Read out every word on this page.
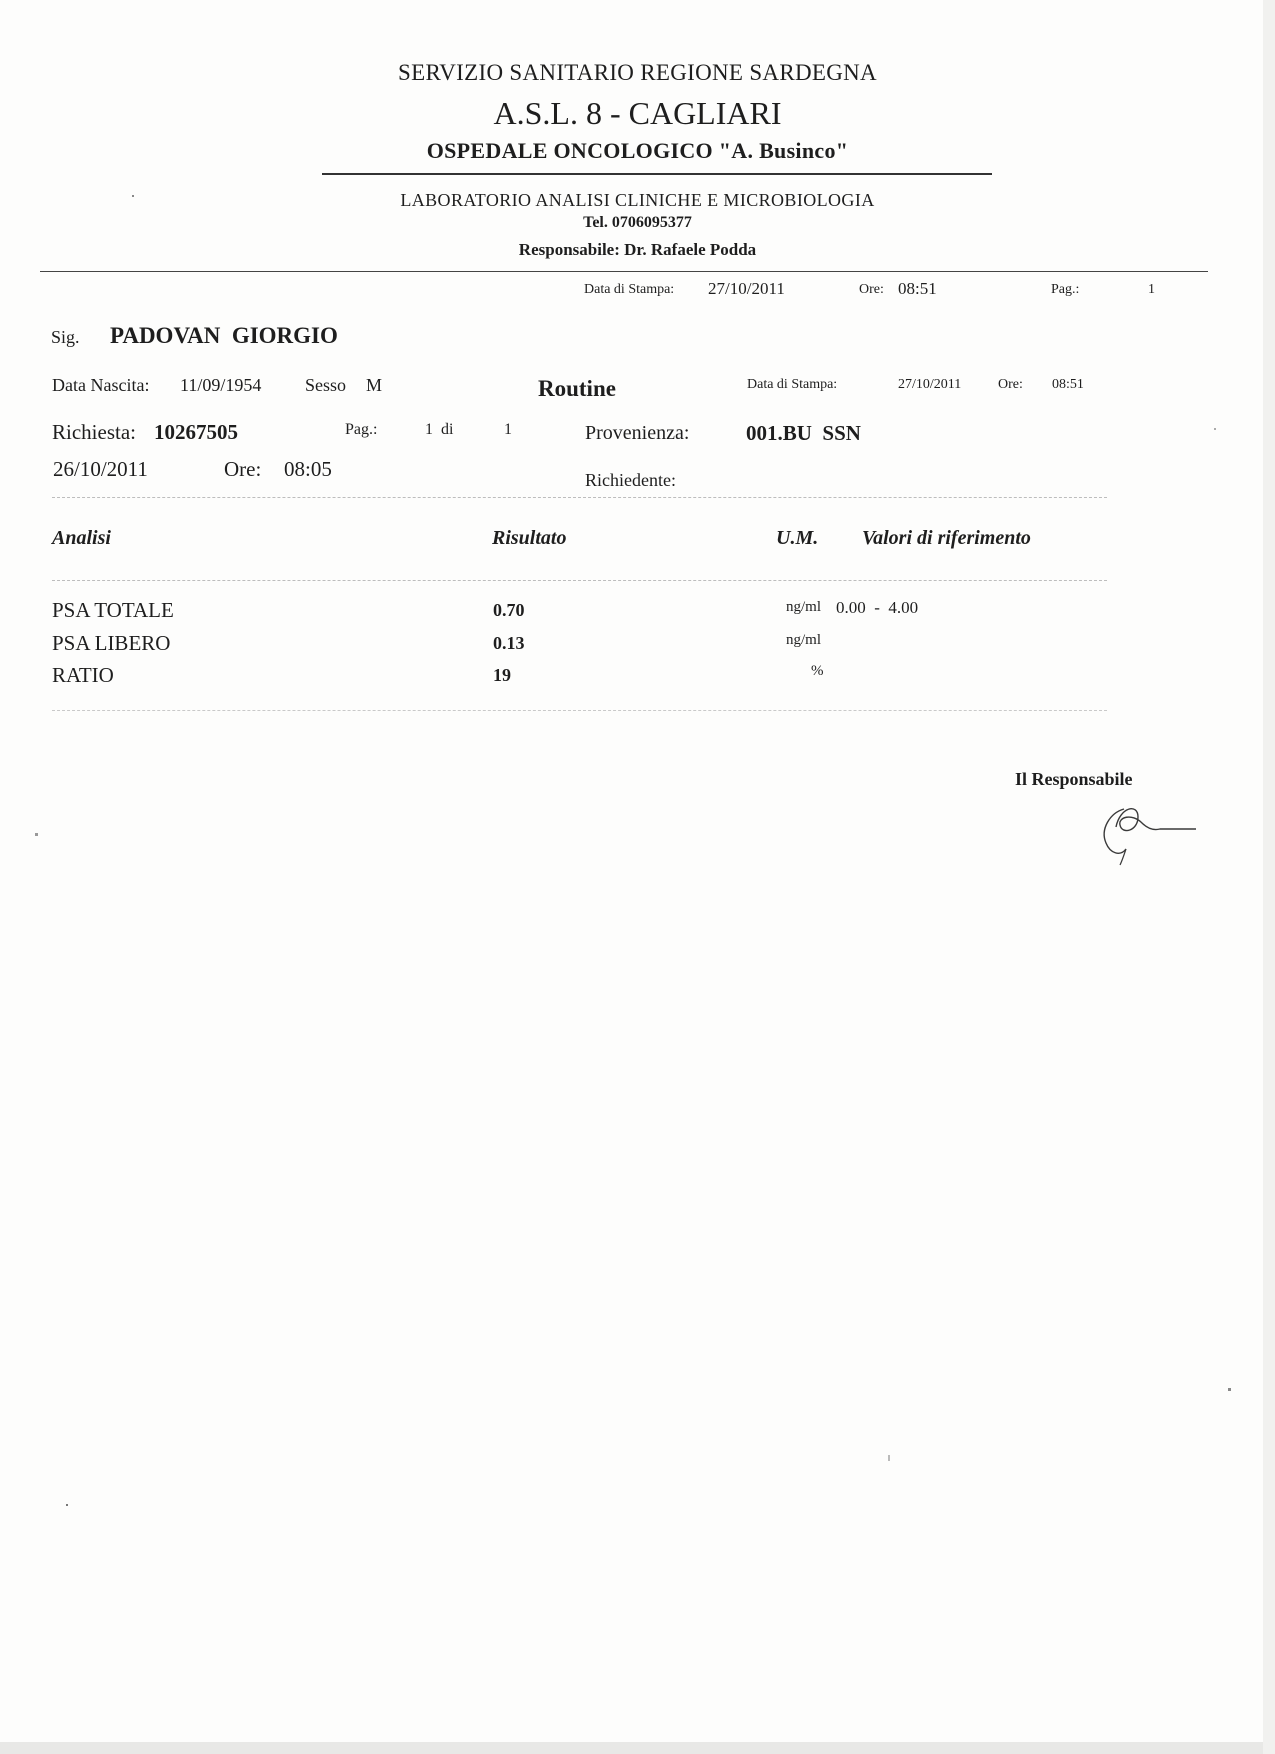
SERVIZIO SANITARIO REGIONE SARDEGNA
A.S.L. 8 - CAGLIARI
OSPEDALE ONCOLOGICO "A. Businco"
LABORATORIO ANALISI CLINICHE E MICROBIOLOGIA
Tel. 0706095377
Responsabile: Dr. Rafaele Podda
Data di Stampa: 27/10/2011	Ore: 08:51	Pag.:	1
Sig. PADOVAN  GIORGIO
Data Nascita: 11/09/1954 Sesso M	Routine	Data di Stampa:	27/10/2011	Ore: 08:51
Richiesta: 10267505	Pag.:	1  di	1	Provenienza:	001.BU  SSN
26/10/2011	Ore: 08:05	Richiedente:
Analisi	Risultato	U.M. Valori di riferimento
PSA TOTALE	0.70	ng/ml 0.00  -  4.00
PSA LIBERO	0.13	ng/ml
RATIO	19	%
Il Responsabile
